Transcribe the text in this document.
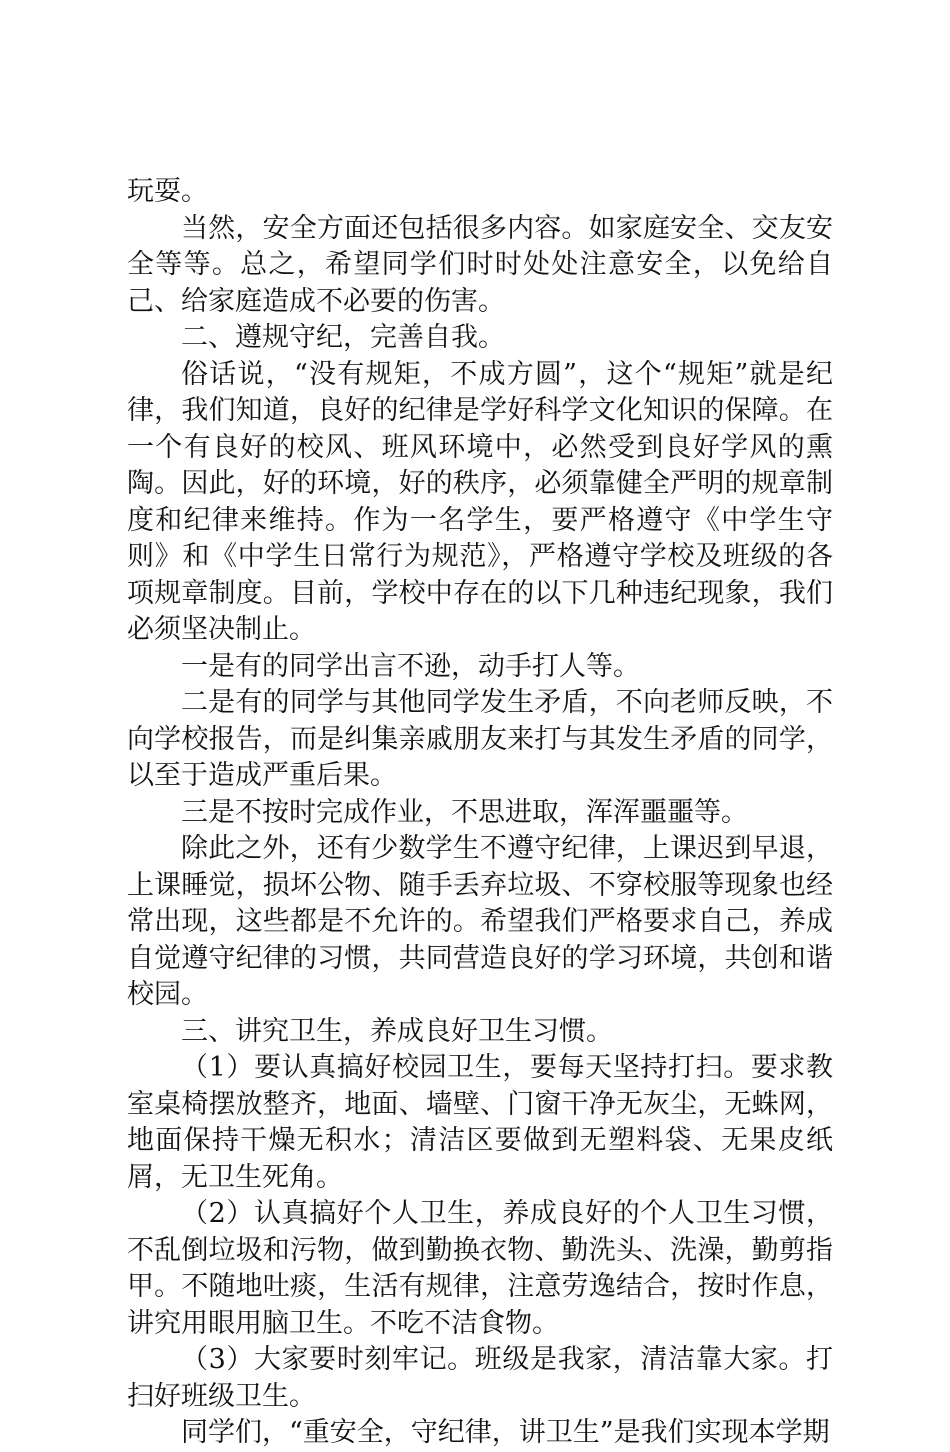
玩耍。

当然，安全方面还包括很多内容。如家庭安全、交友安全等等。总之，希望同学们时时处处注意安全，以免给自己、给家庭造成不必要的伤害。

二、遵规守纪，完善自我。

俗话说，“没有规矩，不成方圆”，这个“规矩”就是纪律，我们知道，良好的纪律是学好科学文化知识的保障。在一个有良好的校风、班风环境中，必然受到良好学风的熏陶。因此，好的环境，好的秩序，必须靠健全严明的规章制度和纪律来维持。作为一名学生，要严格遵守《中学生守则》和《中学生日常行为规范》，严格遵守学校及班级的各项规章制度。目前，学校中存在的以下几种违纪现象，我们必须坚决制止。

一是有的同学出言不逊，动手打人等。

二是有的同学与其他同学发生矛盾，不向老师反映，不向学校报告，而是纠集亲戚朋友来打与其发生矛盾的同学，以至于造成严重后果。

三是不按时完成作业，不思进取，浑浑噩噩等。

除此之外，还有少数学生不遵守纪律，上课迟到早退，上课睡觉，损坏公物、随手丢弃垃圾、不穿校服等现象也经常出现，这些都是不允许的。希望我们严格要求自己，养成自觉遵守纪律的习惯，共同营造良好的学习环境，共创和谐校园。

三、讲究卫生，养成良好卫生习惯。

（1）要认真搞好校园卫生，要每天坚持打扫。要求教室桌椅摆放整齐，地面、墙壁、门窗干净无灰尘，无蛛网，地面保持干燥无积水；清洁区要做到无塑料袋、无果皮纸屑，无卫生死角。

（2）认真搞好个人卫生，养成良好的个人卫生习惯，不乱倒垃圾和污物，做到勤换衣物、勤洗头、洗澡，勤剪指甲。不随地吐痰，生活有规律，注意劳逸结合，按时作息，讲究用眼用脑卫生。不吃不洁食物。

（3）大家要时刻牢记。班级是我家，清洁靠大家。打扫好班级卫生。

同学们，“重安全，守纪律，讲卫生”是我们实现本学期
